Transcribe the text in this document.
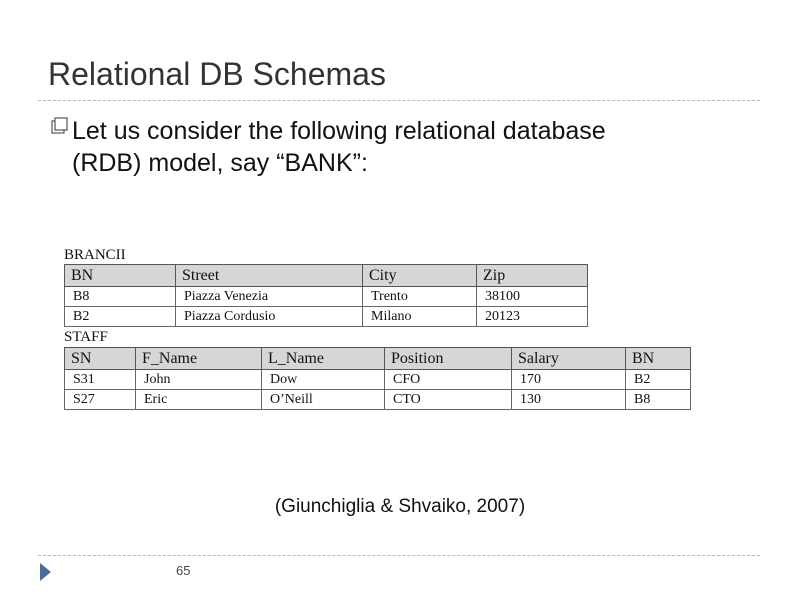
Relational DB Schemas
Let us consider the following relational database
(RDB) model, say “BANK”:
BRANCII
BN	Street	City	Zip
B8	Piazza Venezia	Trento	38100
B2	Piazza Cordusio	Milano	20123
STAFF
SN	F_Name	L_Name	Position	Salary	BN
S31	John	Dow	CFO	170	B2
S27	Eric	O’Neill	CTO	130	B8
(Giunchiglia & Shvaiko, 2007)
65
